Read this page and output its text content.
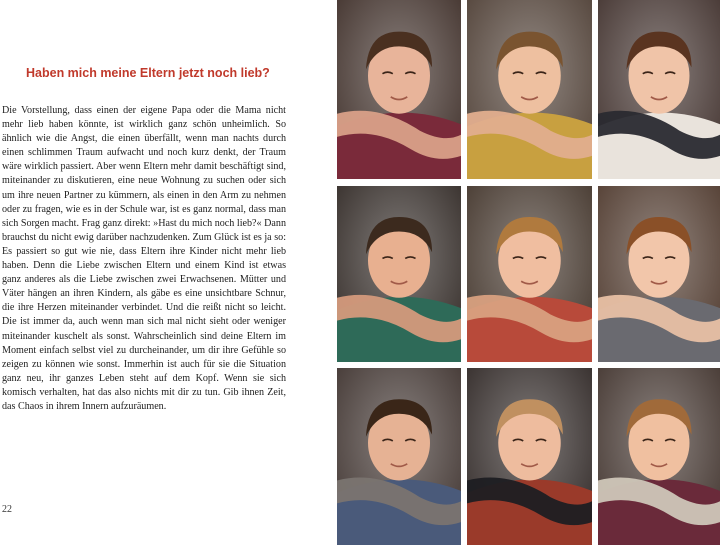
Haben mich meine Eltern jetzt noch lieb?

Die Vorstellung, dass einen der eigene Papa oder die Mama nicht mehr lieb haben könnte, ist wirklich ganz schön unheimlich. So ähnlich wie die Angst, die einen überfällt, wenn man nachts durch einen schlimmen Traum aufwacht und noch kurz denkt, der Traum wäre wirklich passiert. Aber wenn Eltern mehr damit beschäftigt sind, miteinander zu diskutieren, eine neue Wohnung zu suchen oder sich um ihre neuen Partner zu kümmern, als einen in den Arm zu nehmen oder zu fragen, wie es in der Schule war, ist es ganz normal, dass man sich Sorgen macht. Frag ganz direkt: »Hast du mich noch lieb?« Dann brauchst du nicht ewig darüber nachzudenken. Zum Glück ist es ja so: Es passiert so gut wie nie, dass Eltern ihre Kinder nicht mehr lieb haben. Denn die Liebe zwischen Eltern und einem Kind ist etwas ganz anderes als die Liebe zwischen zwei Erwachsenen. Mütter und Väter hängen an ihren Kindern, als gäbe es eine unsichtbare Schnur, die ihre Herzen miteinander verbindet. Und die reißt nicht so leicht. Die ist immer da, auch wenn man sich mal nicht sieht oder weniger miteinander kuschelt als sonst. Wahrscheinlich sind deine Eltern im Moment einfach selbst viel zu durcheinander, um dir ihre Gefühle so zeigen zu können wie sonst. Immerhin ist auch für sie die Situation ganz neu, ihr ganzes Leben steht auf dem Kopf. Wenn sie sich komisch verhalten, hat das also nichts mit dir zu tun. Gib ihnen Zeit, das Chaos in ihrem Innern aufzuräumen.

22
